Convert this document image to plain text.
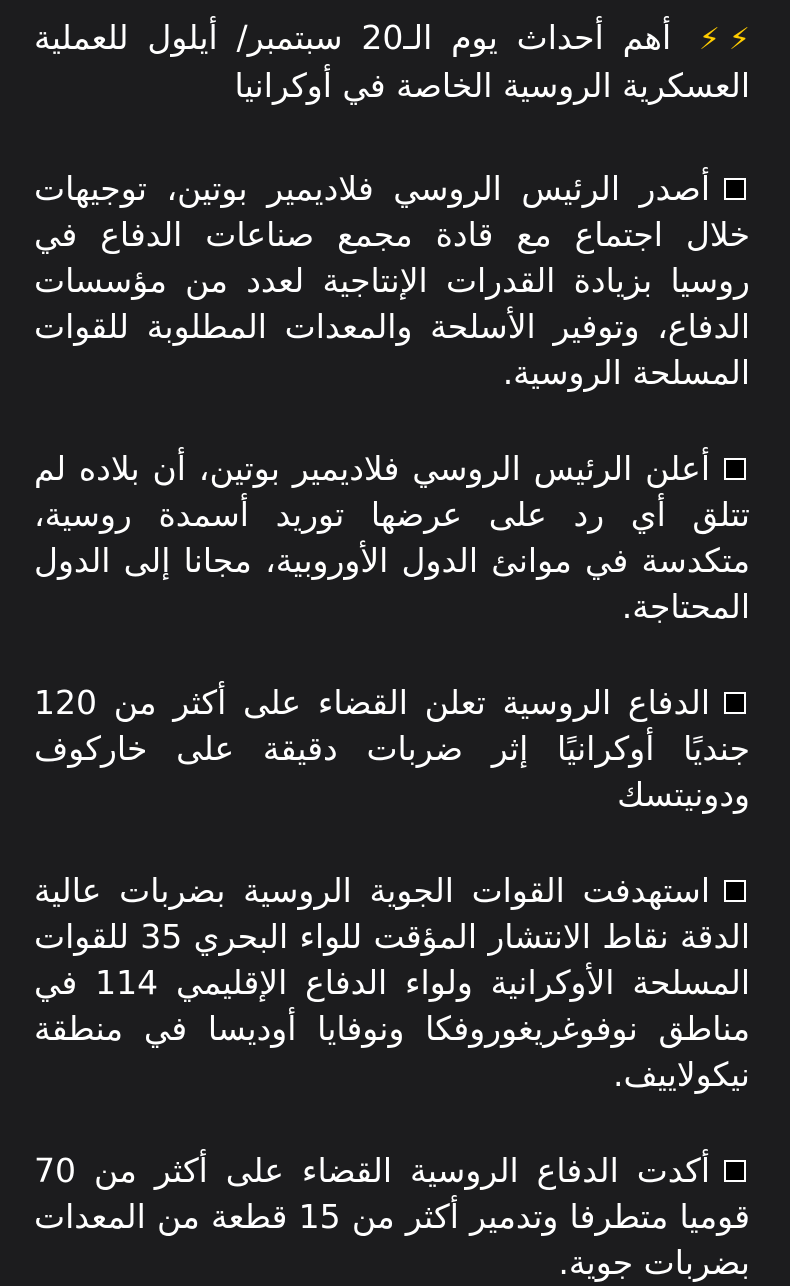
⚡⚡ أهم أحداث يوم الـ20 سبتمبر/ أيلول للعملية العسكرية الروسية الخاصة في أوكرانيا

أصدر الرئيس الروسي فلاديمير بوتين، توجيهات خلال اجتماع مع قادة مجمع صناعات الدفاع في روسيا بزيادة القدرات الإنتاجية لعدد من مؤسسات الدفاع، وتوفير الأسلحة والمعدات المطلوبة للقوات المسلحة الروسية.

أعلن الرئيس الروسي فلاديمير بوتين، أن بلاده لم تتلق أي رد على عرضها توريد أسمدة روسية، متكدسة في موانئ الدول الأوروبية، مجانا إلى الدول المحتاجة.

الدفاع الروسية تعلن القضاء على أكثر من 120 جنديًا أوكرانيًا إثر ضربات دقيقة على خاركوف ودونيتسك

استهدفت القوات الجوية الروسية بضربات عالية الدقة نقاط الانتشار المؤقت للواء البحري 35 للقوات المسلحة الأوكرانية ولواء الدفاع الإقليمي 114 في مناطق نوفوغريغوروفكا ونوفايا أوديسا في منطقة نيكولاييف.

أكدت الدفاع الروسية القضاء على أكثر من 70 قوميا متطرفا وتدمير أكثر من 15 قطعة من المعدات بضربات جوية.
